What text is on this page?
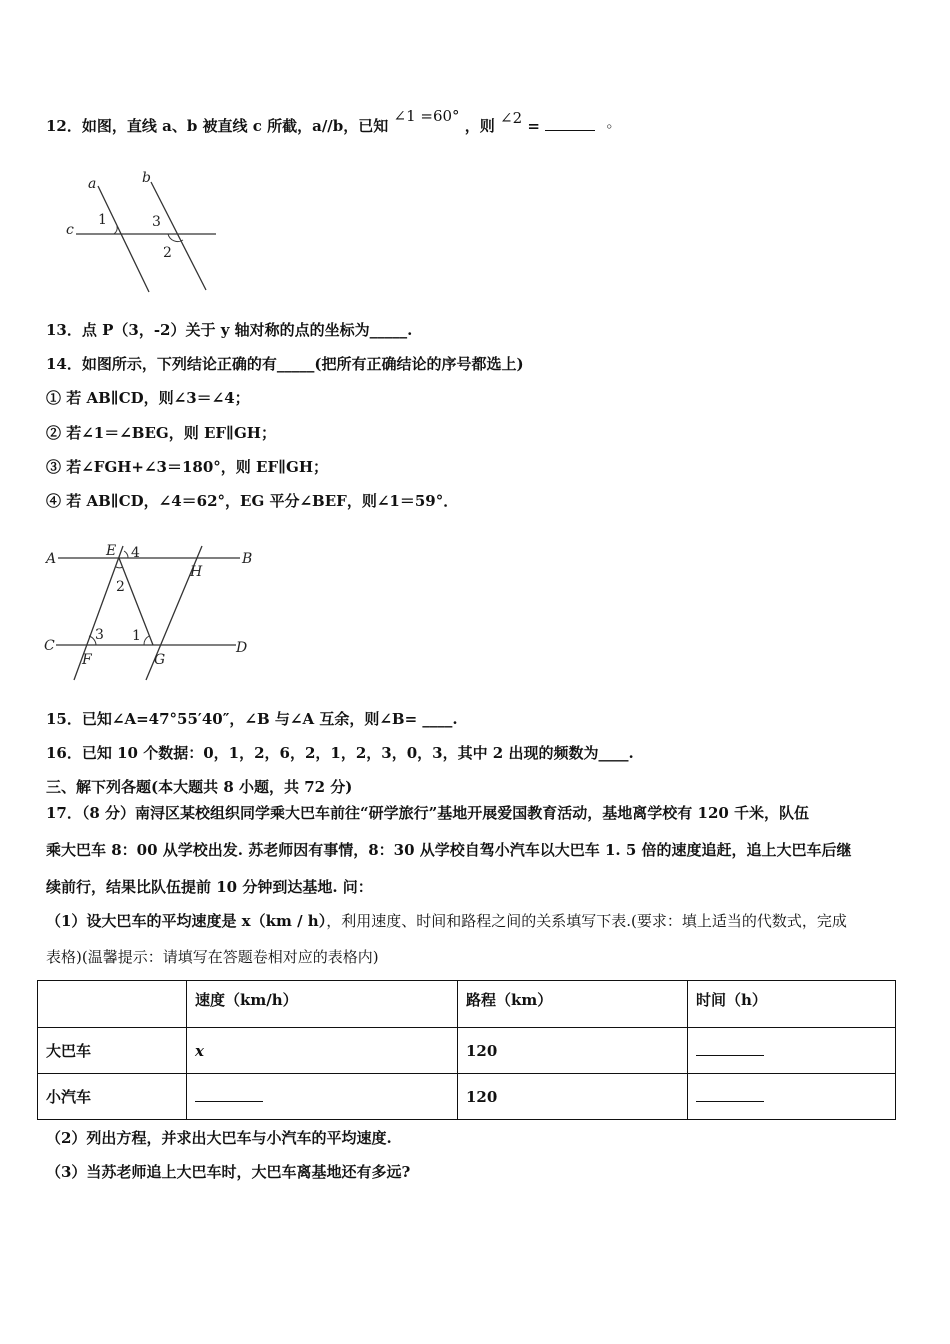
12．如图，直线 a、b 被直线 c 所截，a//b，已知 ∠1 =60° ，则 ∠2 =	。
a	b
c
1	3
2
13．点 P（3，-2）关于 y 轴对称的点的坐标为_____.
14．如图所示，下列结论正确的有_____(把所有正确结论的序号都选上)
① 若 AB∥CD，则∠3＝∠4；
② 若∠1＝∠BEG，则 EF∥GH；
③ 若∠FGH+∠3＝180°，则 EF∥GH；
④ 若 AB∥CD，∠4＝62°，EG 平分∠BEF，则∠1＝59°．
A	B
C	D
E
F	G
H
4
2
3 1
15．已知∠A=47°55′40″，∠B 与∠A 互余，则∠B= ____.
16．已知 10 个数据：0，1，2，6，2，1，2，3，0，3，其中 2 出现的频数为____.
三、解下列各题(本大题共 8 小题，共 72 分)
17．（8 分）南浔区某校组织同学乘大巴车前往“研学旅行”基地开展爱国教育活动，基地离学校有 120 千米，队伍
乘大巴车 8：00 从学校出发. 苏老师因有事情，8：30 从学校自驾小汽车以大巴车 1. 5 倍的速度追赶，追上大巴车后继
续前行，结果比队伍提前 10 分钟到达基地. 问：
（1）设大巴车的平均速度是 x（km / h），利用速度、时间和路程之间的关系填写下表.(要求：填上适当的代数式，完成
表格)(温馨提示：请填写在答题卷相对应的表格内)
	速度（km/h）	路程（km）	时间（h）
大巴车	x	120	
小汽车		120	
（2）列出方程，并求出大巴车与小汽车的平均速度.
（3）当苏老师追上大巴车时，大巴车离基地还有多远?
